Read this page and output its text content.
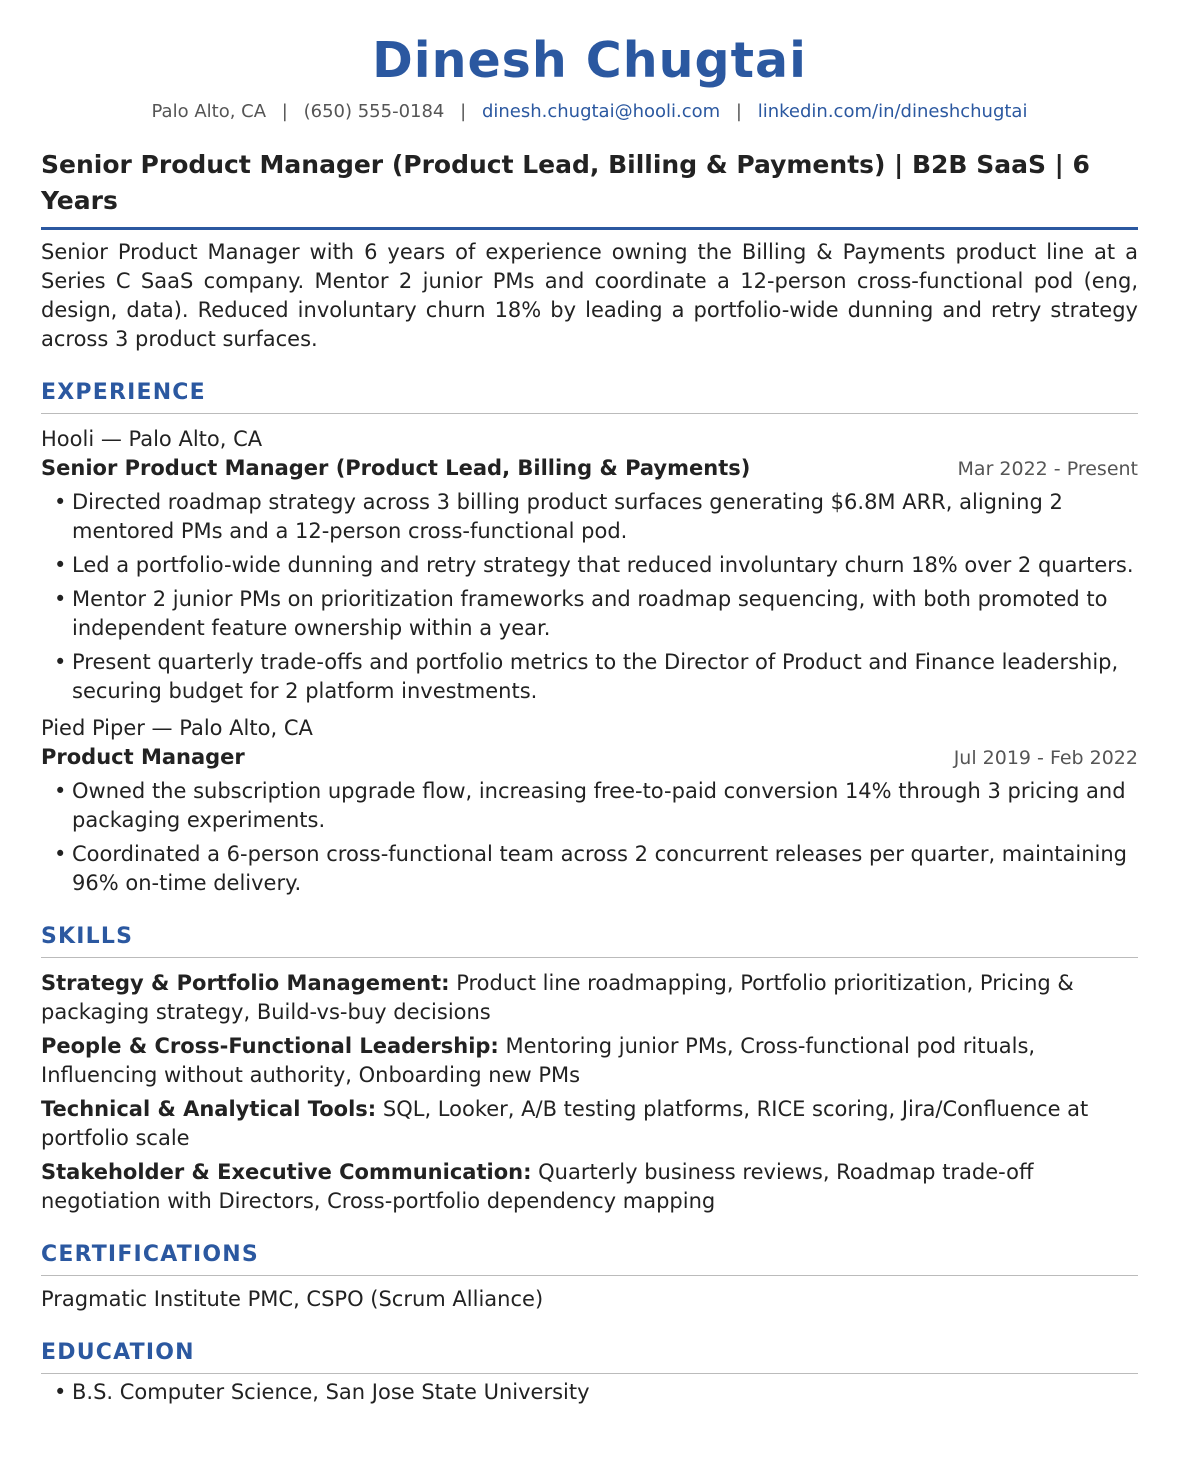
Dinesh Chugtai
Palo Alto, CA | (650) 555-0184 | dinesh.chugtai@hooli.com | linkedin.com/in/dineshchugtai
Senior Product Manager (Product Lead, Billing & Payments) | B2B SaaS | 6 Years

Senior Product Manager with 6 years of experience owning the Billing & Payments product line at a Series C SaaS company. Mentor 2 junior PMs and coordinate a 12-person cross-functional pod (eng, design, data). Reduced involuntary churn 18% by leading a portfolio-wide dunning and retry strategy across 3 product surfaces.

EXPERIENCE
Hooli — Palo Alto, CA
Senior Product Manager (Product Lead, Billing & Payments)	Mar 2022 - Present
• Directed roadmap strategy across 3 billing product surfaces generating $6.8M ARR, aligning 2 mentored PMs and a 12-person cross-functional pod.
• Led a portfolio-wide dunning and retry strategy that reduced involuntary churn 18% over 2 quarters.
• Mentor 2 junior PMs on prioritization frameworks and roadmap sequencing, with both promoted to independent feature ownership within a year.
• Present quarterly trade-offs and portfolio metrics to the Director of Product and Finance leadership, securing budget for 2 platform investments.
Pied Piper — Palo Alto, CA
Product Manager	Jul 2019 - Feb 2022
• Owned the subscription upgrade flow, increasing free-to-paid conversion 14% through 3 pricing and packaging experiments.
• Coordinated a 6-person cross-functional team across 2 concurrent releases per quarter, maintaining 96% on-time delivery.
SKILLS
Strategy & Portfolio Management: Product line roadmapping, Portfolio prioritization, Pricing & packaging strategy, Build-vs-buy decisions
People & Cross-Functional Leadership: Mentoring junior PMs, Cross-functional pod rituals, Influencing without authority, Onboarding new PMs
Technical & Analytical Tools: SQL, Looker, A/B testing platforms, RICE scoring, Jira/Confluence at portfolio scale
Stakeholder & Executive Communication: Quarterly business reviews, Roadmap trade-off negotiation with Directors, Cross-portfolio dependency mapping
CERTIFICATIONS
Pragmatic Institute PMC, CSPO (Scrum Alliance)
EDUCATION
• B.S. Computer Science, San Jose State University
